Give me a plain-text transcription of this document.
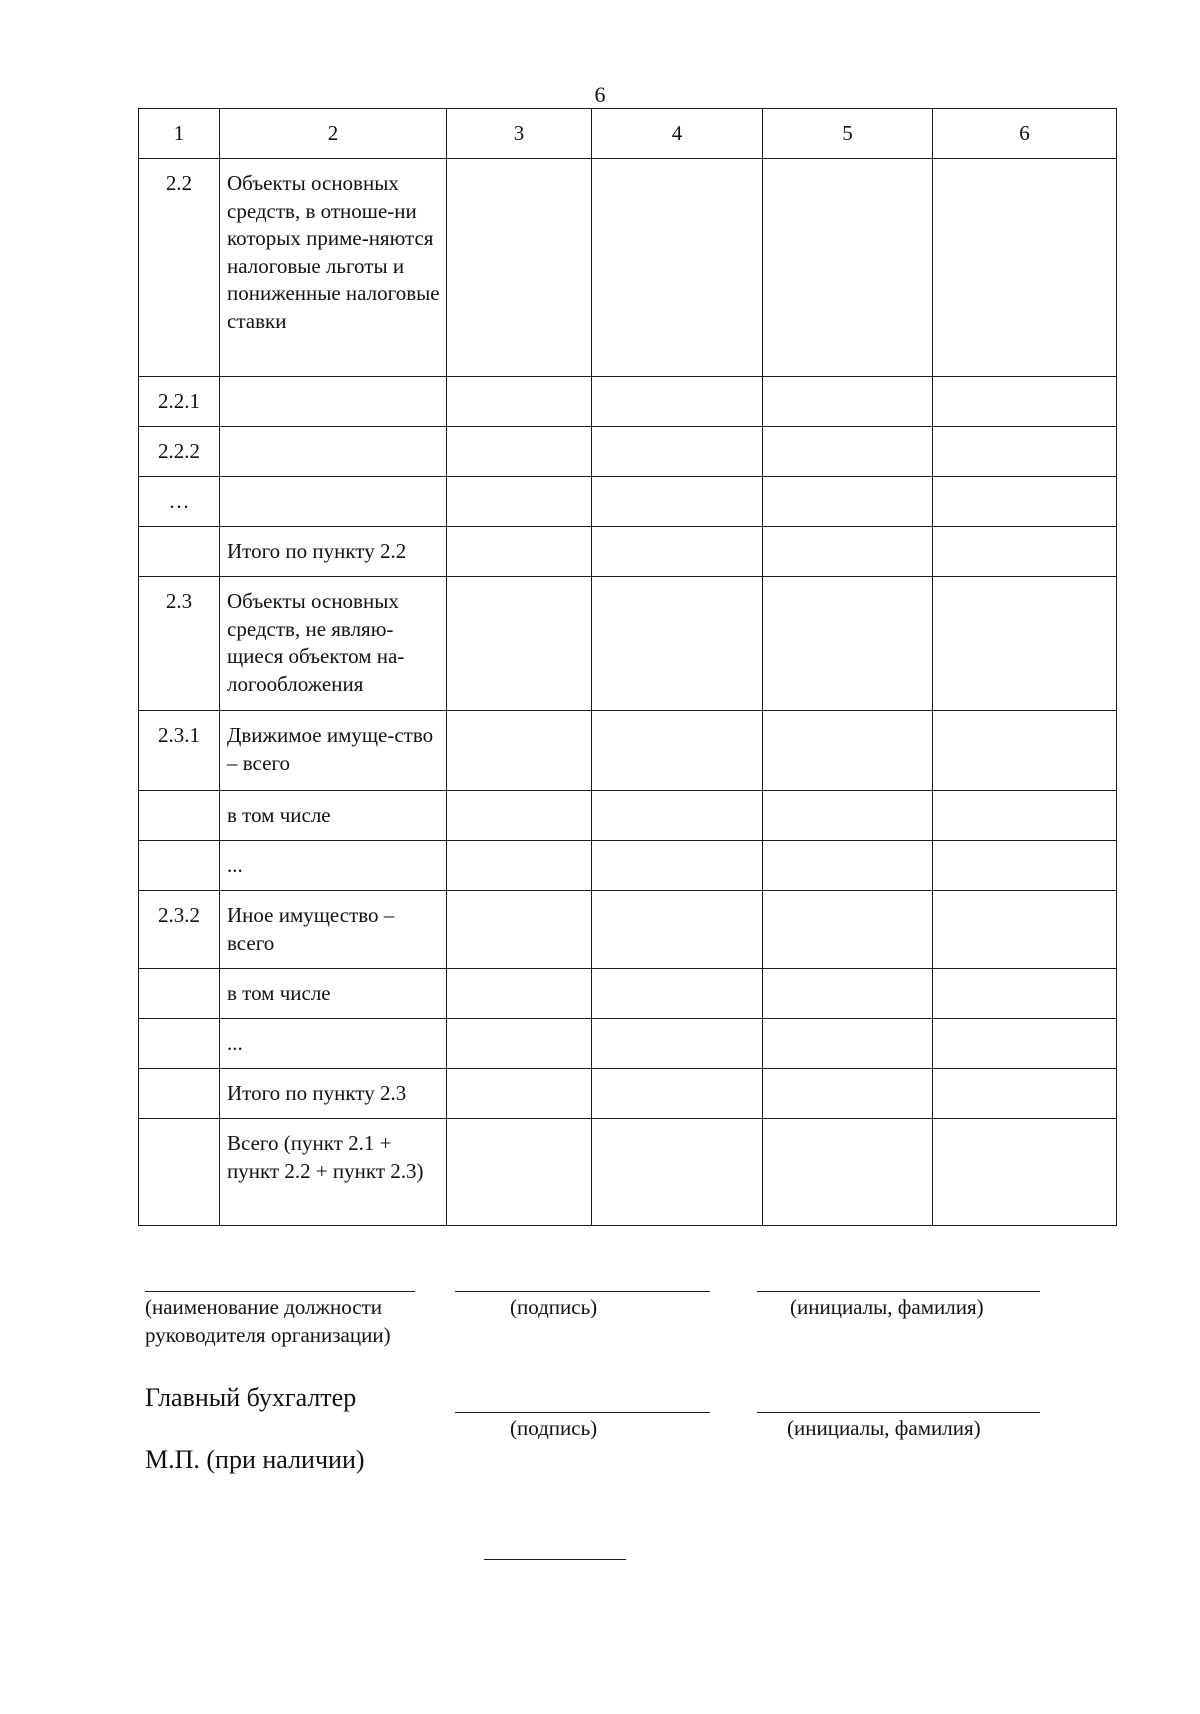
6
1	2	3	4	5	6
2.2	Объекты основных средств, в отноше-ни которых приме-няются налоговые льготы и пониженные налоговые ставки				
2.2.1					
2.2.2					
…					
	Итого по пункту 2.2				
2.3	Объекты основных средств, не являю-щиеся объектом на-логообложения				
2.3.1	Движимое имуще-ство – всего				
	в том числе				
	...				
2.3.2	Иное имущество – всего				
	в том числе				
	...				
	Итого по пункту 2.3				
	Всего (пункт 2.1 + пункт 2.2 + пункт 2.3)				
(наименование должности
руководителя организации)
(подпись)	(инициалы, фамилия)
Главный бухгалтер
(подпись)	(инициалы, фамилия)
М.П. (при наличии)
